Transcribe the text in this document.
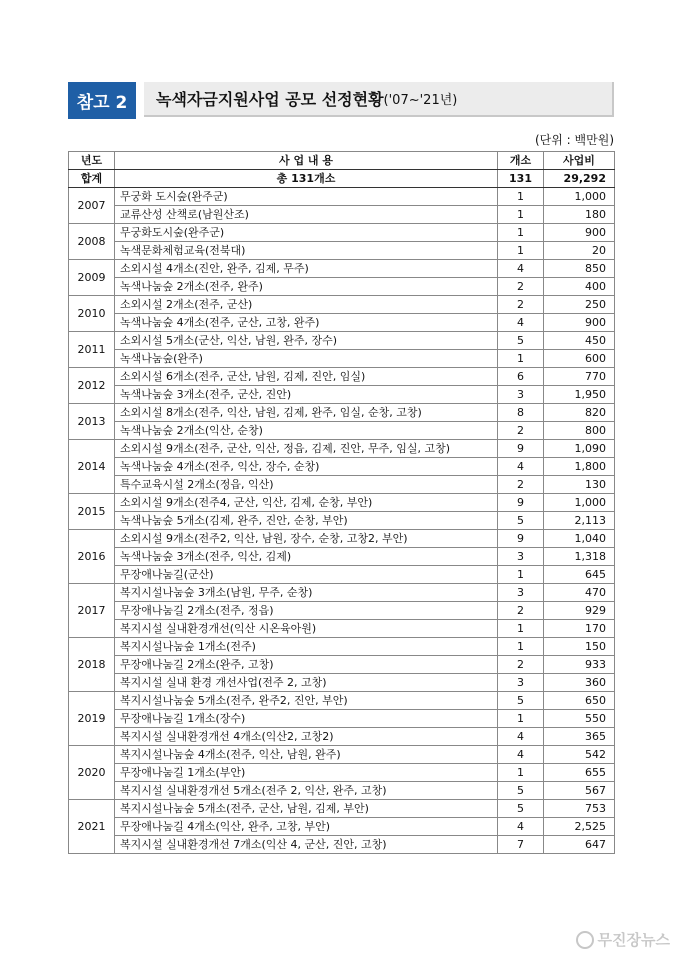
참고 2	녹색자금지원사업 공모 선정현황 ('07~'21년)
(단위 : 백만원)
년도	사 업 내 용	개소	사업비
합계	총 131개소	131	29,292
2007	무궁화 도시숲(완주군)	1	1,000
	교류산성 산책로(남원산조)	1	180
2008	무궁화도시숲(완주군)	1	900
	녹색문화체험교육(전북대)	1	20
2009	소외시설 4개소(진안, 완주, 김제, 무주)	4	850
	녹색나눔숲 2개소(전주, 완주)	2	400
2010	소외시설 2개소(전주, 군산)	2	250
	녹색나눔숲 4개소(전주, 군산, 고창, 완주)	4	900
2011	소외시설 5개소(군산, 익산, 남원, 완주, 장수)	5	450
	녹색나눔숲(완주)	1	600
2012	소외시설 6개소(전주, 군산, 남원, 김제, 진안, 임실)	6	770
	녹색나눔숲 3개소(전주, 군산, 진안)	3	1,950
2013	소외시설 8개소(전주, 익산, 남원, 김제, 완주, 임실, 순창, 고창)	8	820
	녹색나눔숲 2개소(익산, 순창)	2	800
2014	소외시설 9개소(전주, 군산, 익산, 정읍, 김제, 진안, 무주, 임실, 고창)	9	1,090
	녹색나눔숲 4개소(전주, 익산, 장수, 순창)	4	1,800
	특수교육시설 2개소(정읍, 익산)	2	130
2015	소외시설 9개소(전주4, 군산, 익산, 김제, 순창, 부안)	9	1,000
	녹색나눔숲 5개소(김제, 완주, 진안, 순창, 부안)	5	2,113
2016	소외시설 9개소(전주2, 익산, 남원, 장수, 순창, 고창2, 부안)	9	1,040
	녹색나눔숲 3개소(전주, 익산, 김제)	3	1,318
	무장애나눔길(군산)	1	645
2017	복지시설나눔숲 3개소(남원, 무주, 순창)	3	470
	무장애나눔길 2개소(전주, 정읍)	2	929
	복지시설 실내환경개선(익산 시온육아원)	1	170
2018	복지시설나눔숲 1개소(전주)	1	150
	무장애나눔길 2개소(완주, 고창)	2	933
	복지시설 실내 환경 개선사업(전주 2, 고창)	3	360
2019	복지시설나눔숲 5개소(전주, 완주2, 진안, 부안)	5	650
	무장애나눔길 1개소(장수)	1	550
	복지시설 실내환경개선 4개소(익산2, 고창2)	4	365
2020	복지시설나눔숲 4개소(전주, 익산, 남원, 완주)	4	542
	무장애나눔길 1개소(부안)	1	655
	복지시설 실내환경개선 5개소(전주 2, 익산, 완주, 고창)	5	567
2021	복지시설나눔숲 5개소(전주, 군산, 남원, 김제, 부안)	5	753
	무장애나눔길 4개소(익산, 완주, 고창, 부안)	4	2,525
	복지시설 실내환경개선 7개소(익산 4, 군산, 진안, 고창)	7	647
무진장뉴스
